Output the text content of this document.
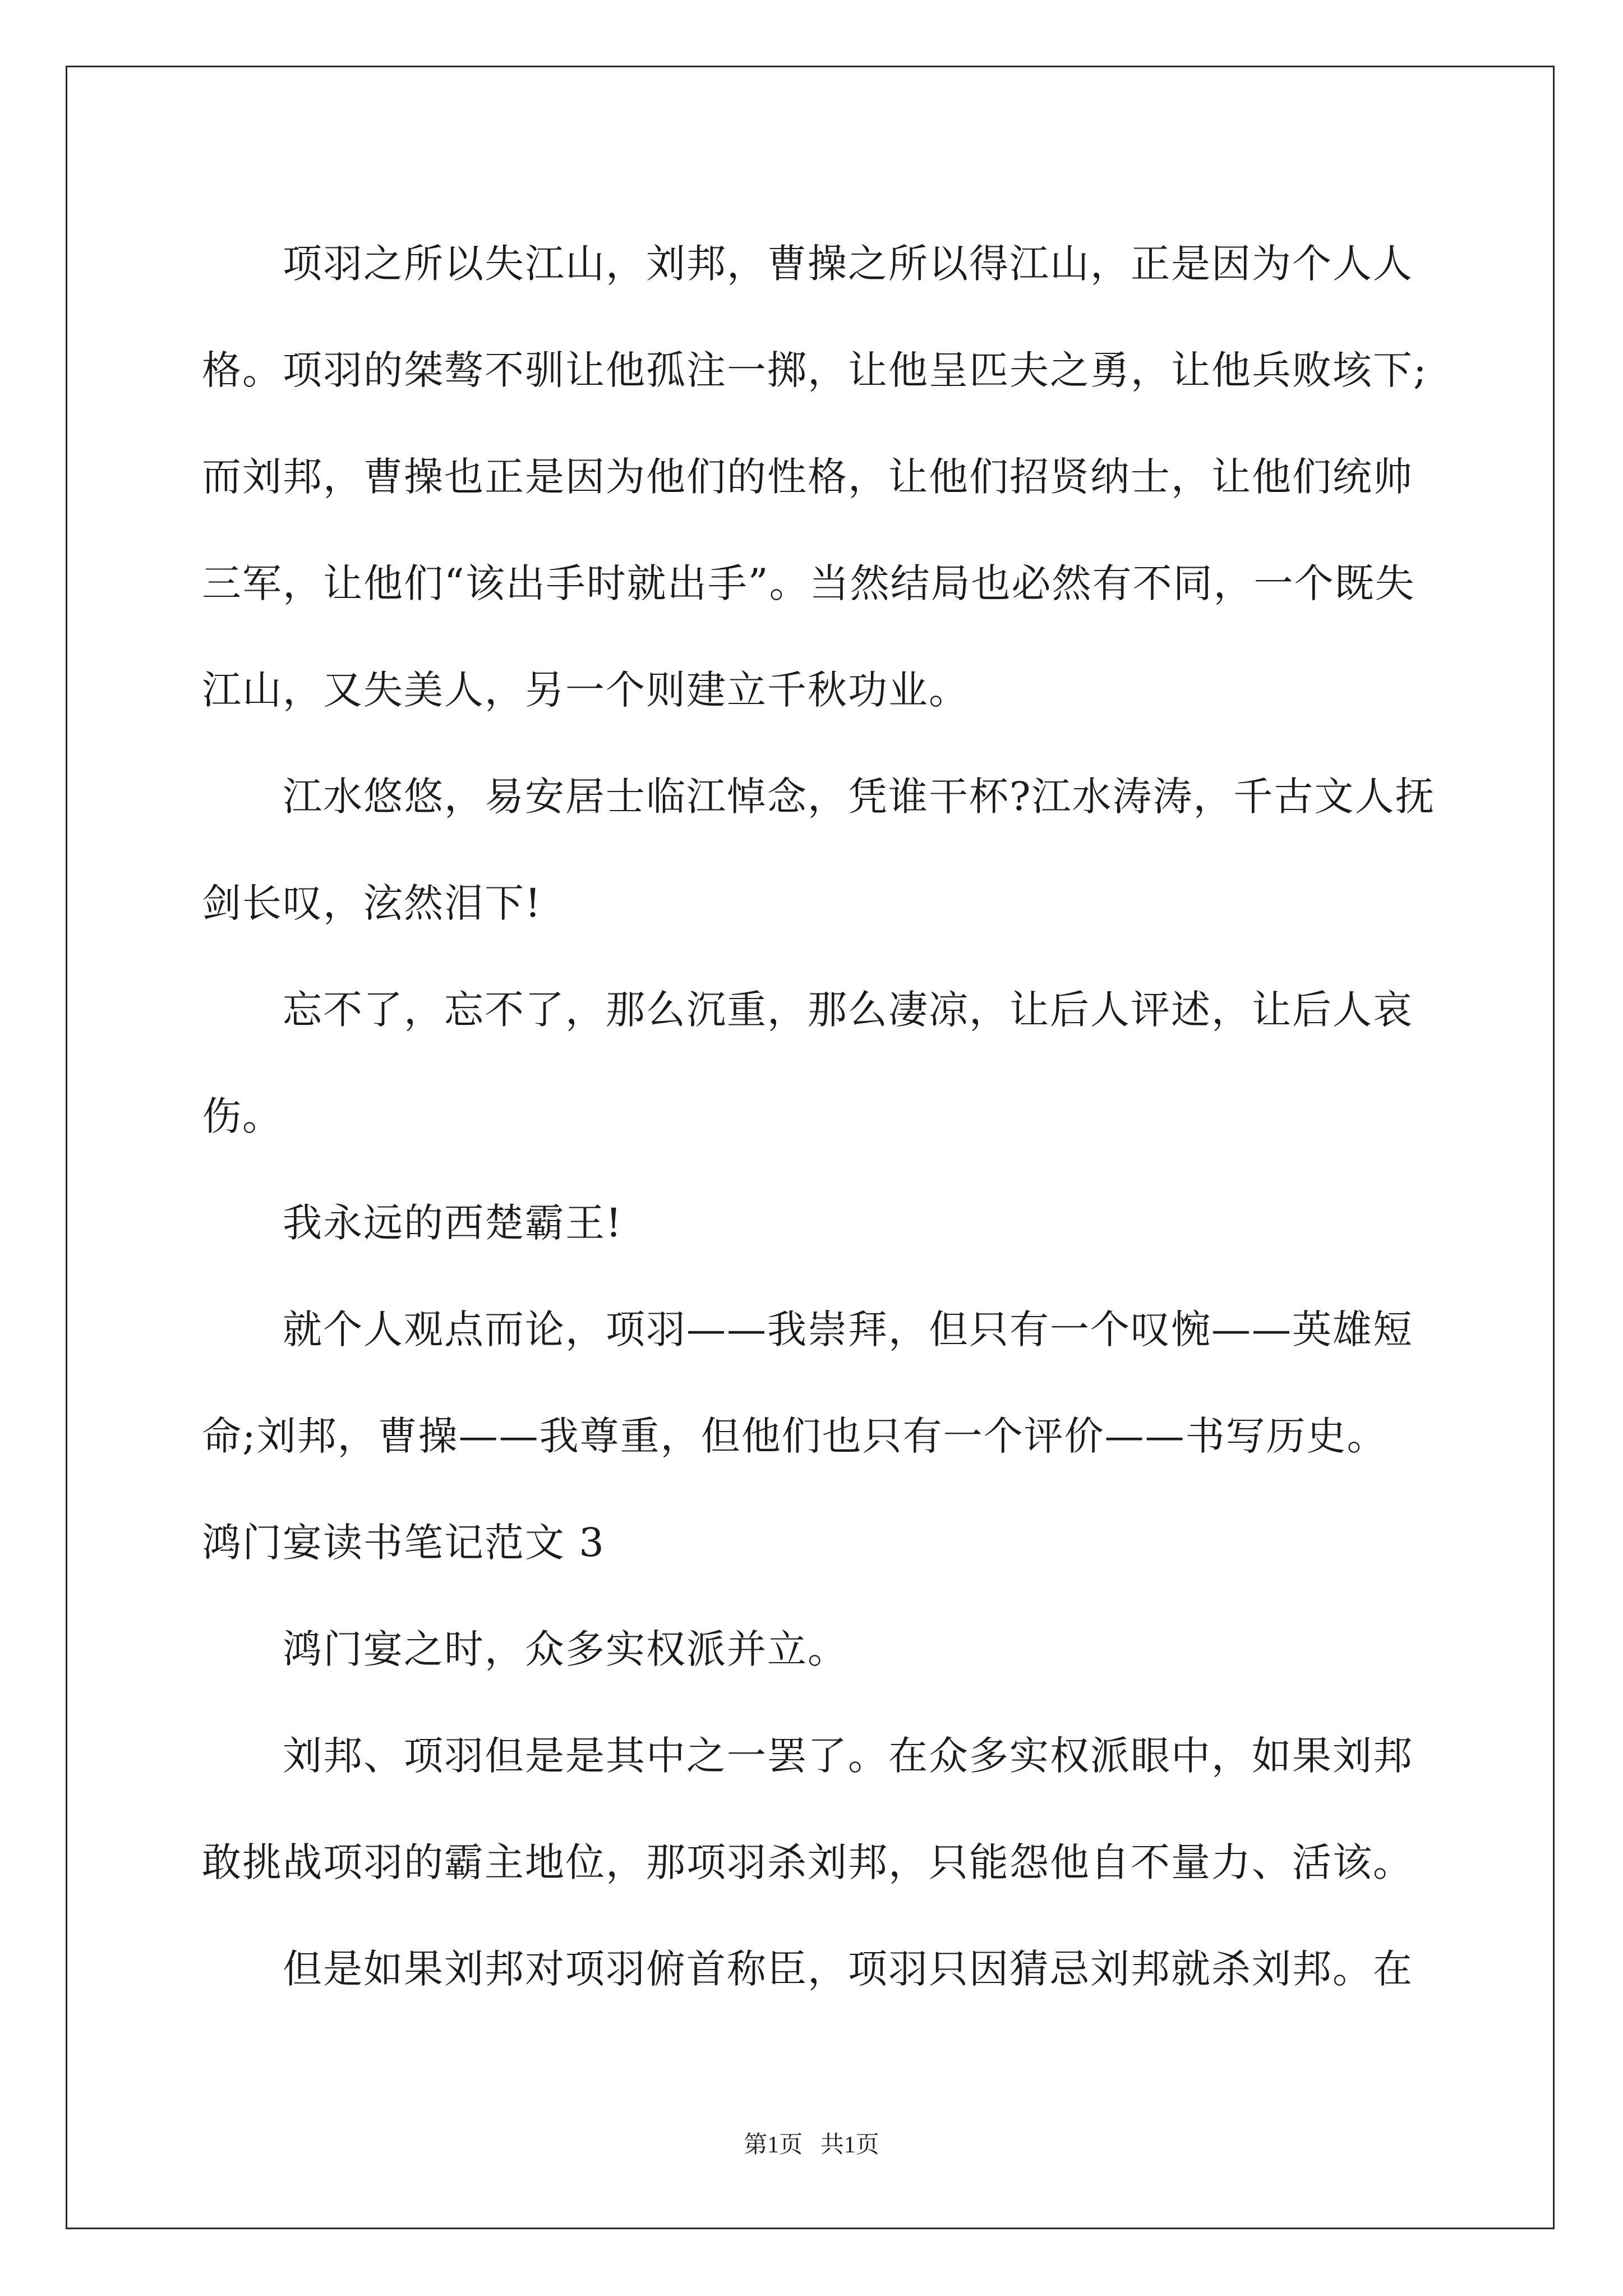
项羽之所以失江山，刘邦，曹操之所以得江山，正是因为个人人
格。项羽的桀骜不驯让他孤注一掷，让他呈匹夫之勇，让他兵败垓下;
而刘邦，曹操也正是因为他们的性格，让他们招贤纳士，让他们统帅
三军，让他们“该出手时就出手”。当然结局也必然有不同，一个既失
江山，又失美人，另一个则建立千秋功业。
江水悠悠，易安居士临江悼念，凭谁干杯?江水涛涛，千古文人抚
剑长叹，泫然泪下!
忘不了，忘不了，那么沉重，那么凄凉，让后人评述，让后人哀
伤。
我永远的西楚霸王!
就个人观点而论，项羽——我崇拜，但只有一个叹惋——英雄短
命;刘邦，曹操——我尊重，但他们也只有一个评价——书写历史。
鸿门宴读书笔记范文 3
鸿门宴之时，众多实权派并立。
刘邦、项羽但是是其中之一罢了。在众多实权派眼中，如果刘邦
敢挑战项羽的霸主地位，那项羽杀刘邦，只能怨他自不量力、活该。
但是如果刘邦对项羽俯首称臣，项羽只因猜忌刘邦就杀刘邦。在
第1页   共1页
